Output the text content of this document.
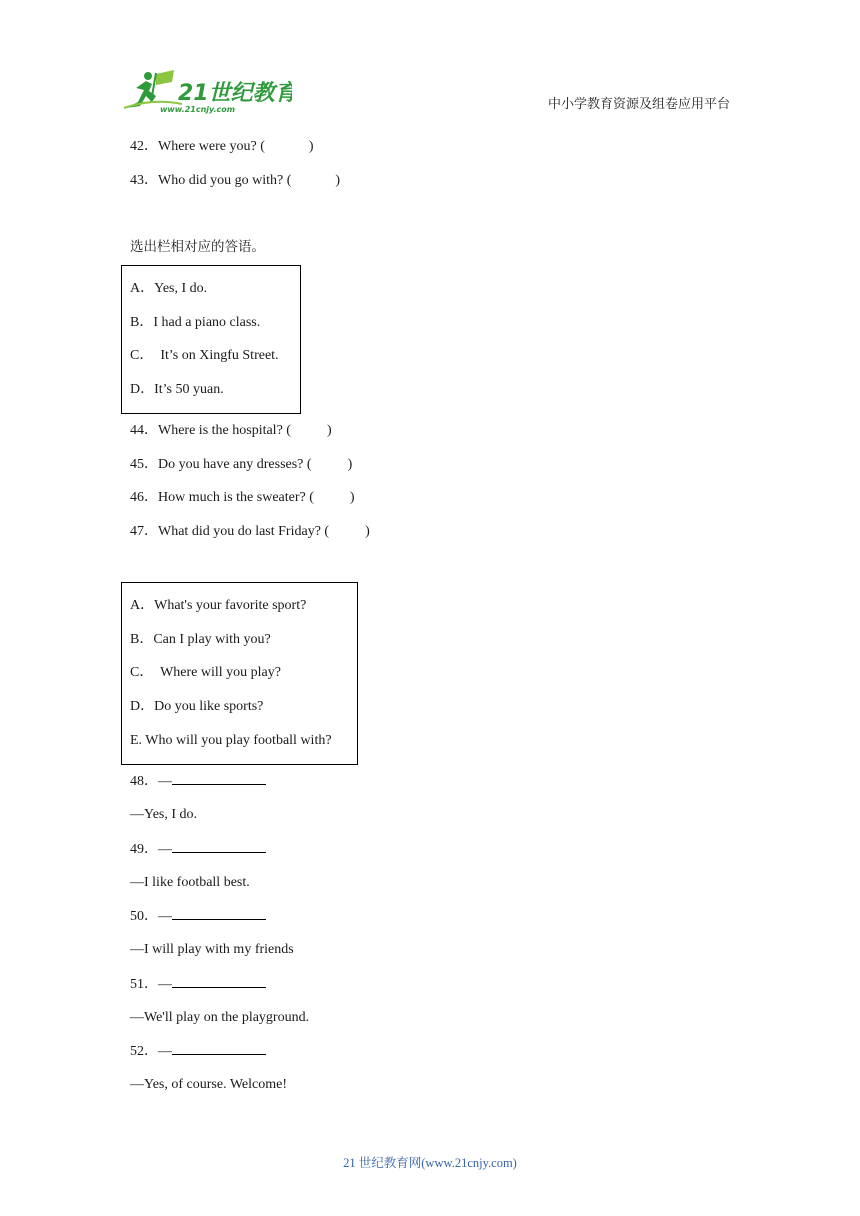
21世纪教育
www.21cnjy.com	中小学教育资源及组卷应用平台
42．Where were you? (	)
43．Who did you go with? (	)
选出栏相对应的答语。
A．Yes, I do.
B．I had a piano class.
C．  It’s on Xingfu Street.
D．It’s 50 yuan.
44．Where is the hospital? (	)
45．Do you have any dresses? (	)
46．How much is the sweater? (	)
47．What did you do last Friday? (	)
A．What's your favorite sport?
B．Can I play with you?
C．  Where will you play?
D．Do you like sports?
E. Who will you play football with?
48．—
—Yes, I do.
49．—
—I like football best.
50．—
—I will play with my friends
51．—
—We'll play on the playground.
52．—
—Yes, of course. Welcome!
21 世纪教育网(www.21cnjy.com)
